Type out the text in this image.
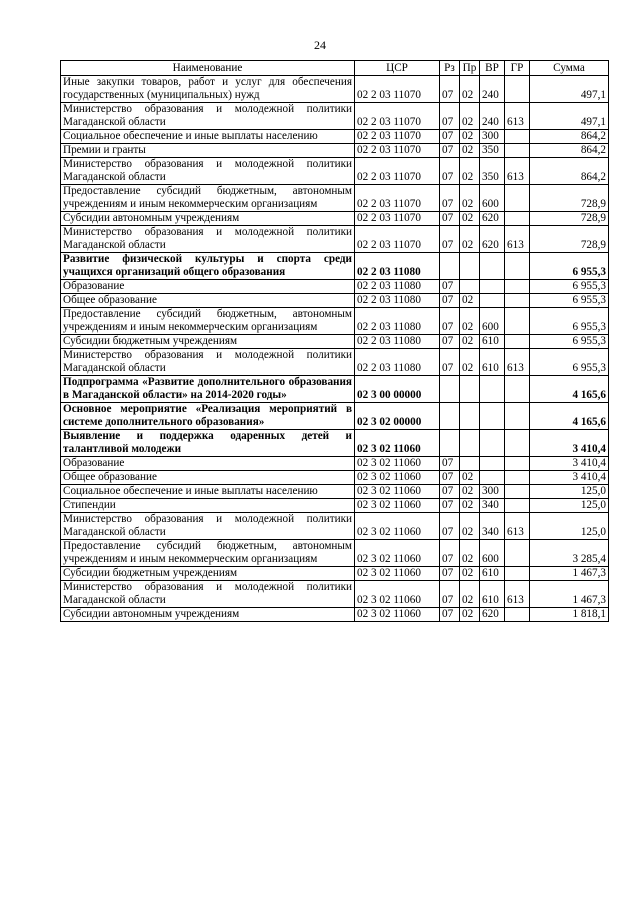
24
Наименование	ЦСР	Рз	Пр	ВР	ГР	Сумма
Иные закупки товаров, работ и услуг для обеспечения государственных (муниципальных) нужд	02 2 03 11070	07	02	240		497,1
Министерство образования и молодежной политики Магаданской области	02 2 03 11070	07	02	240	613	497,1
Социальное обеспечение и иные выплаты населению	02 2 03 11070	07	02	300		864,2
Премии и гранты	02 2 03 11070	07	02	350		864,2
Министерство образования и молодежной политики Магаданской области	02 2 03 11070	07	02	350	613	864,2
Предоставление субсидий бюджетным, автономным учреждениям и иным некоммерческим организациям	02 2 03 11070	07	02	600		728,9
Субсидии автономным учреждениям	02 2 03 11070	07	02	620		728,9
Министерство образования и молодежной политики Магаданской области	02 2 03 11070	07	02	620	613	728,9
Развитие физической культуры и спорта среди учащихся организаций общего образования	02 2 03 11080					6 955,3
Образование	02 2 03 11080	07				6 955,3
Общее образование	02 2 03 11080	07	02			6 955,3
Предоставление субсидий бюджетным, автономным учреждениям и иным некоммерческим организациям	02 2 03 11080	07	02	600		6 955,3
Субсидии бюджетным учреждениям	02 2 03 11080	07	02	610		6 955,3
Министерство образования и молодежной политики Магаданской области	02 2 03 11080	07	02	610	613	6 955,3
Подпрограмма «Развитие дополнительного образования в Магаданской области» на 2014-2020 годы»	02 3 00 00000					4 165,6
Основное мероприятие «Реализация мероприятий в системе дополнительного образования»	02 3 02 00000					4 165,6
Выявление и поддержка одаренных детей и талантливой молодежи	02 3 02 11060					3 410,4
Образование	02 3 02 11060	07				3 410,4
Общее образование	02 3 02 11060	07	02			3 410,4
Социальное обеспечение и иные выплаты населению	02 3 02 11060	07	02	300		125,0
Стипендии	02 3 02 11060	07	02	340		125,0
Министерство образования и молодежной политики Магаданской области	02 3 02 11060	07	02	340	613	125,0
Предоставление субсидий бюджетным, автономным учреждениям и иным некоммерческим организациям	02 3 02 11060	07	02	600		3 285,4
Субсидии бюджетным учреждениям	02 3 02 11060	07	02	610		1 467,3
Министерство образования и молодежной политики Магаданской области	02 3 02 11060	07	02	610	613	1 467,3
Субсидии автономным учреждениям	02 3 02 11060	07	02	620		1 818,1
